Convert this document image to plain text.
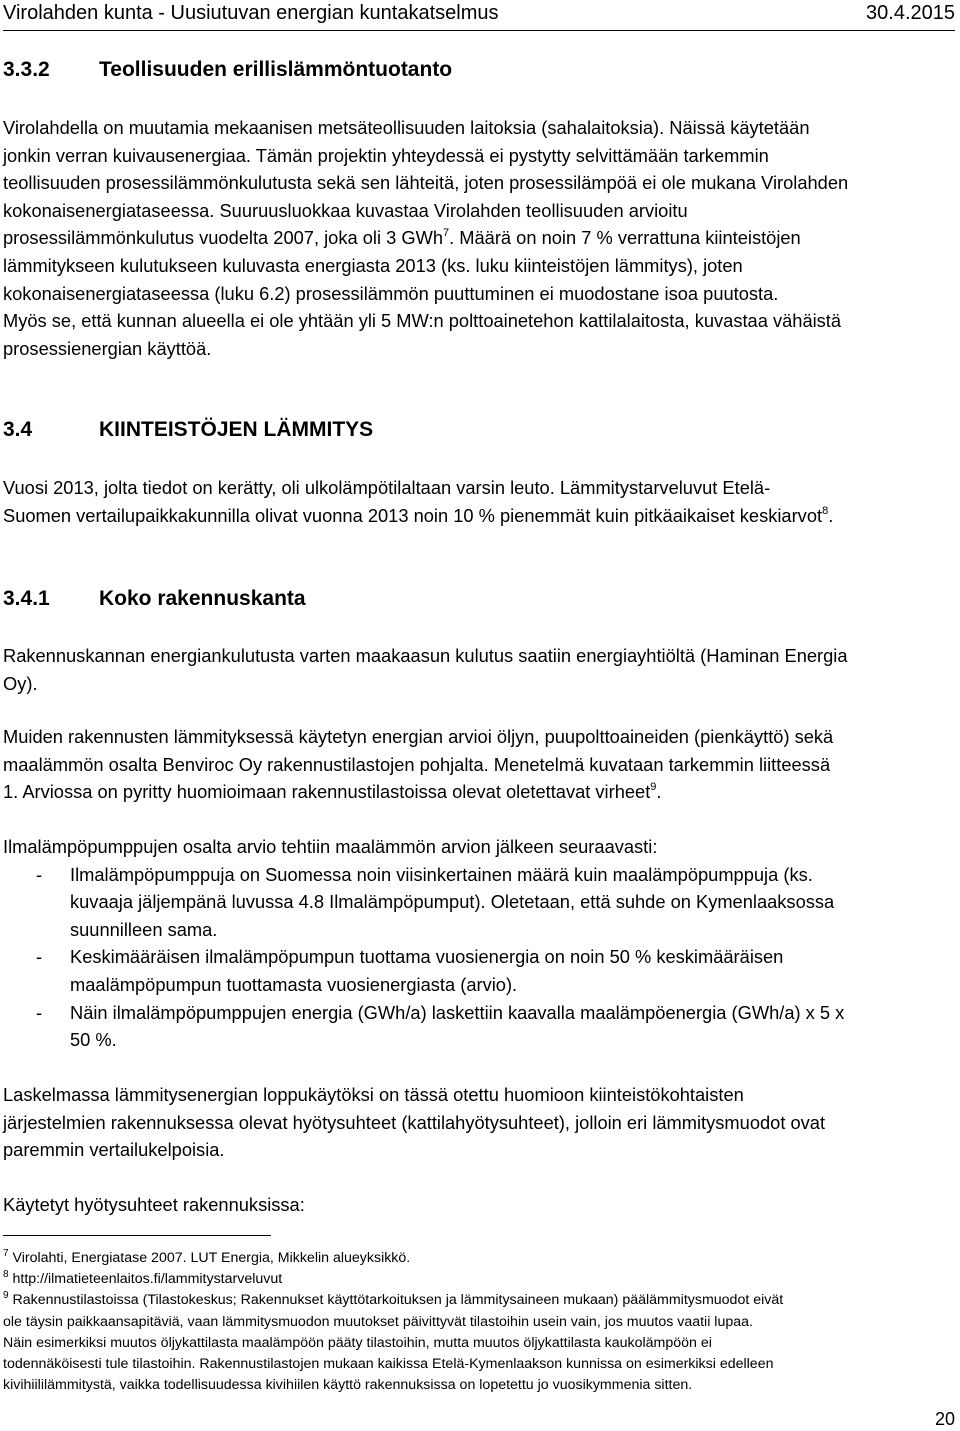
Virolahden kunta - Uusiutuvan energian kuntakatselmus	30.4.2015
3.3.2 Teollisuuden erillislämmöntuotanto
Virolahdella on muutamia mekaanisen metsäteollisuuden laitoksia (sahalaitoksia). Näissä käytetään
jonkin verran kuivausenergiaa. Tämän projektin yhteydessä ei pystytty selvittämään tarkemmin
teollisuuden prosessilämmönkulutusta sekä sen lähteitä, joten prosessilämpöä ei ole mukana Virolahden
kokonaisenergiataseessa. Suuruusluokkaa kuvastaa Virolahden teollisuuden arvioitu
prosessilämmönkulutus vuodelta 2007, joka oli 3 GWh$^7$. Määrä on noin 7 % verrattuna kiinteistöjen
lämmitykseen kulutukseen kuluvasta energiasta 2013 (ks. luku kiinteistöjen lämmitys), joten
kokonaisenergiataseessa (luku 6.2) prosessilämmön puuttuminen ei muodostane isoa puutosta.
Myös se, että kunnan alueella ei ole yhtään yli 5 MW:n polttoainetehon kattilalaitosta, kuvastaa vähäistä
prosessienergian käyttöä.
3.4	KIINTEISTÖJEN LÄMMITYS
Vuosi 2013, jolta tiedot on kerätty, oli ulkolämpötilaltaan varsin leuto. Lämmitystarveluvut Etelä-
Suomen vertailupaikkakunnilla olivat vuonna 2013 noin 10 % pienemmät kuin pitkäaikaiset keskiarvot$^8$.
3.4.1 Koko rakennuskanta
Rakennuskannan energiankulutusta varten maakaasun kulutus saatiin energiayhtiöltä (Haminan Energia
Oy).
Muiden rakennusten lämmityksessä käytetyn energian arvioi öljyn, puupolttoaineiden (pienkäyttö) sekä
maalämmön osalta Benviroc Oy rakennustilastojen pohjalta. Menetelmä kuvataan tarkemmin liitteessä
1. Arviossa on pyritty huomioimaan rakennustilastoissa olevat oletettavat virheet$^9$.
Ilmalämpöpumppujen osalta arvio tehtiin maalämmön arvion jälkeen seuraavasti:
-	Ilmalämpöpumppuja on Suomessa noin viisinkertainen määrä kuin maalämpöpumppuja (ks.
kuvaaja jäljempänä luvussa 4.8 Ilmalämpöpumput). Oletetaan, että suhde on Kymenlaaksossa
suunnilleen sama.
-	Keskimääräisen ilmalämpöpumpun tuottama vuosienergia on noin 50 % keskimääräisen
maalämpöpumpun tuottamasta vuosienergiasta (arvio).
-	Näin ilmalämpöpumppujen energia (GWh/a) laskettiin kaavalla maalämpöenergia (GWh/a) x 5 x
50 %.
Laskelmassa lämmitysenergian loppukäytöksi on tässä otettu huomioon kiinteistökohtaisten
järjestelmien rakennuksessa olevat hyötysuhteet (kattilahyötysuhteet), jolloin eri lämmitysmuodot ovat
paremmin vertailukelpoisia.
Käytetyt hyötysuhteet rakennuksissa:
$^7$ Virolahti, Energiatase 2007. LUT Energia, Mikkelin alueyksikkö.
$^8$ http://ilmatieteenlaitos.fi/lammitystarveluvut
$^9$ Rakennustilastoissa (Tilastokeskus; Rakennukset käyttötarkoituksen ja lämmitysaineen mukaan) päälämmitysmuodot eivät
ole täysin paikkaansapitäviä, vaan lämmitysmuodon muutokset päivittyvät tilastoihin usein vain, jos muutos vaatii lupaa.
Näin esimerkiksi muutos öljykattilasta maalämpöön pääty tilastoihin, mutta muutos öljykattilasta kaukolämpöön ei
todennäköisesti tule tilastoihin. Rakennustilastojen mukaan kaikissa Etelä-Kymenlaakson kunnissa on esimerkiksi edelleen
kivihiililämmitystä, vaikka todellisuudessa kivihiilen käyttö rakennuksissa on lopetettu jo vuosikymmenia sitten.
20
